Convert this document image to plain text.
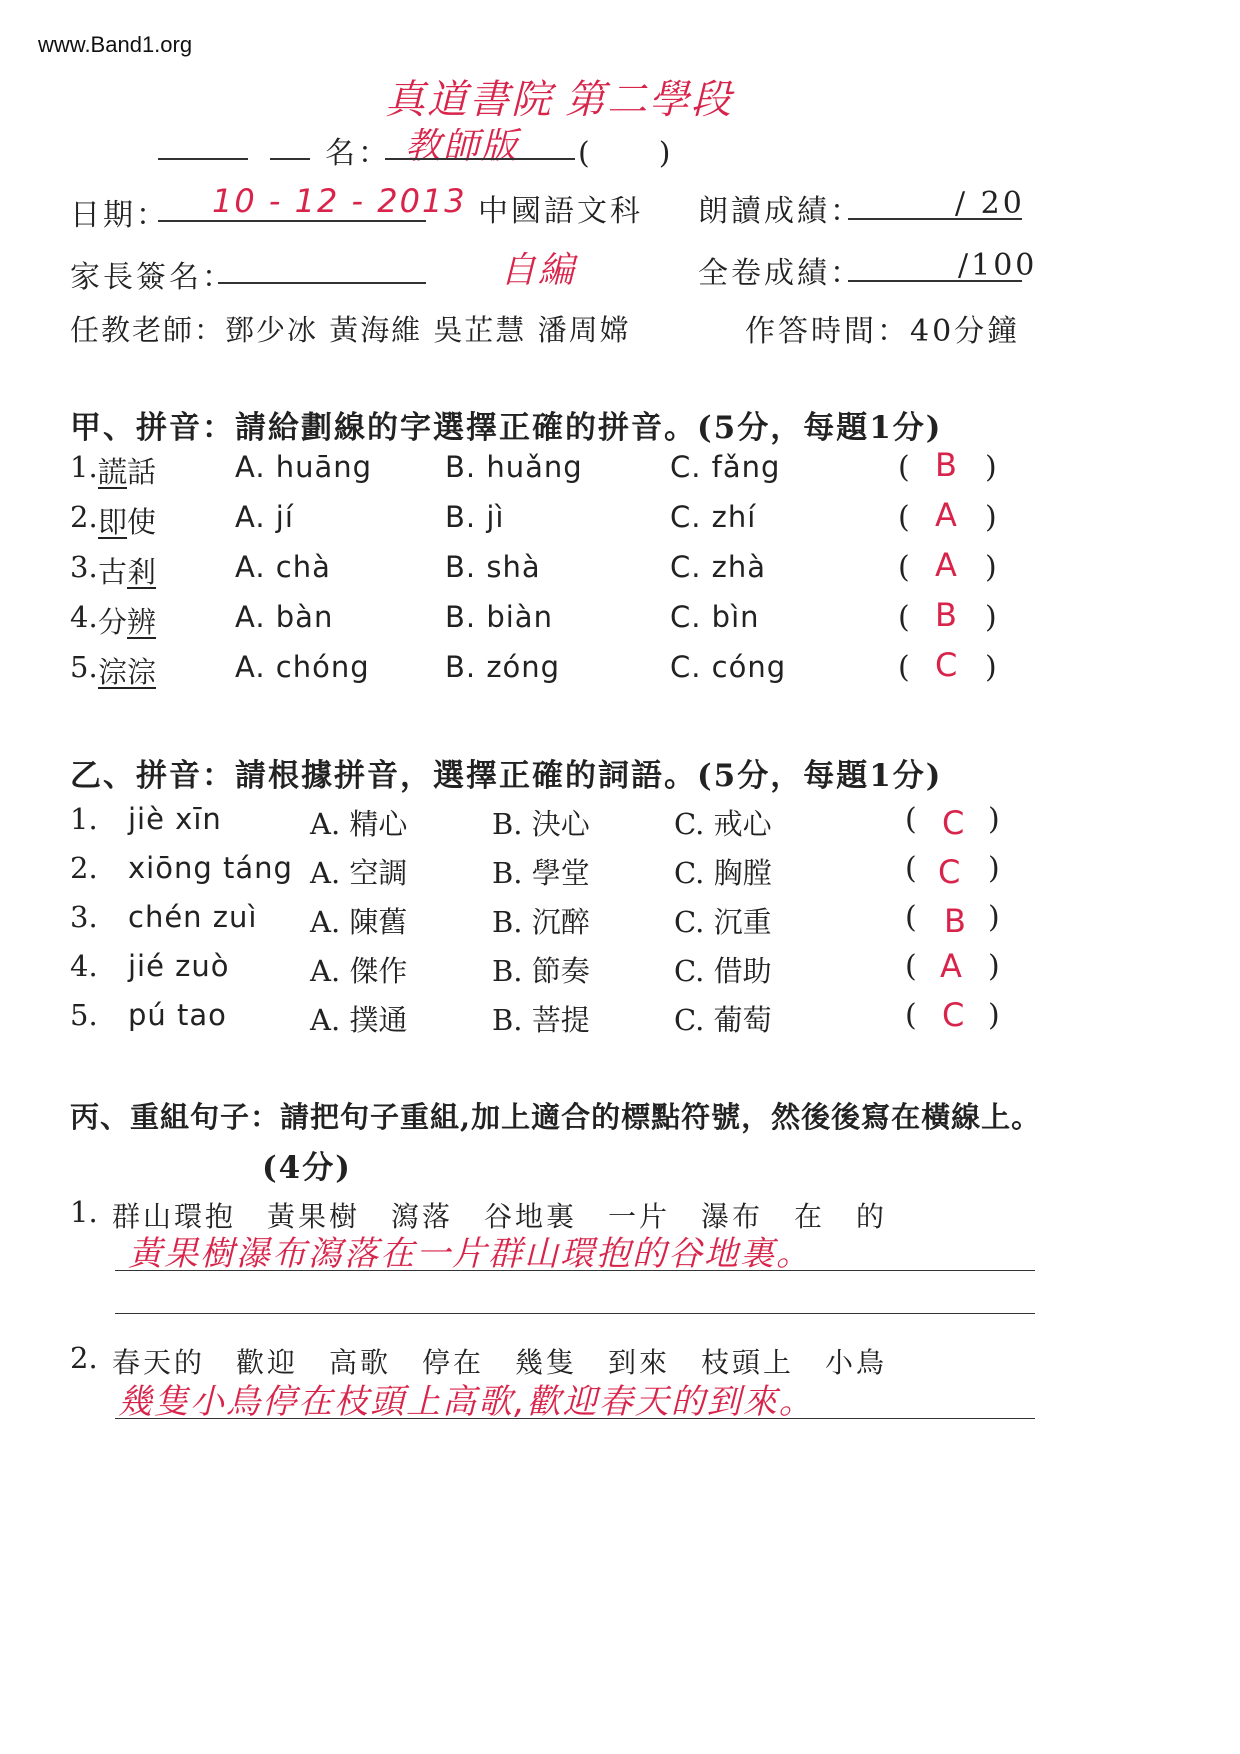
www.Band1.org
真道書院 第二學段
名： 教師版 (　　)
日期： 10 - 12 - 2013 中國語文科 朗讀成績：	/ 20
家長簽名：	自編	全卷成績：	/100
任教老師：鄧少冰 黃海維 吳芷慧 潘周嫦	作答時間：40分鐘
甲、拼音：請給劃線的字選擇正確的拼音。(5分，每題1分)
1. 謊話	A. huāng	B. huǎng	C. fǎng	( B )
2. 即使	A. jí	B. jì	C. zhí	( A )
3. 古剎	A. chà	B. shà	C. zhà	( A )
4. 分辨	A. bàn	B. biàn	C. bìn	( B )
5. 淙淙	A. chóng	B. zóng	C. cóng	( C )
乙、拼音：請根據拼音，選擇正確的詞語。(5分，每題1分)
1. jiè xīn	A. 精心	B. 決心	C. 戒心	( C )
2. xiōng táng A. 空調	B. 學堂	C. 胸膛	( C )
3. chén zuì A. 陳舊	B. 沉醉	C. 沉重	( B )
4. jié zuò	A. 傑作	B. 節奏	C. 借助	( A )
5. pú tao	A. 撲通	B. 菩提	C. 葡萄	( C )
丙、重組句子：請把句子重組,加上適合的標點符號，然後後寫在橫線上。
(4分)
1. 群山環抱　黃果樹　瀉落　谷地裏　一片　瀑布　在　的
黃果樹瀑布瀉落在一片群山環抱的谷地裏。
2. 春天的　歡迎　高歌　停在　幾隻　到來　枝頭上　小鳥
幾隻小鳥停在枝頭上高歌,歡迎春天的到來。
